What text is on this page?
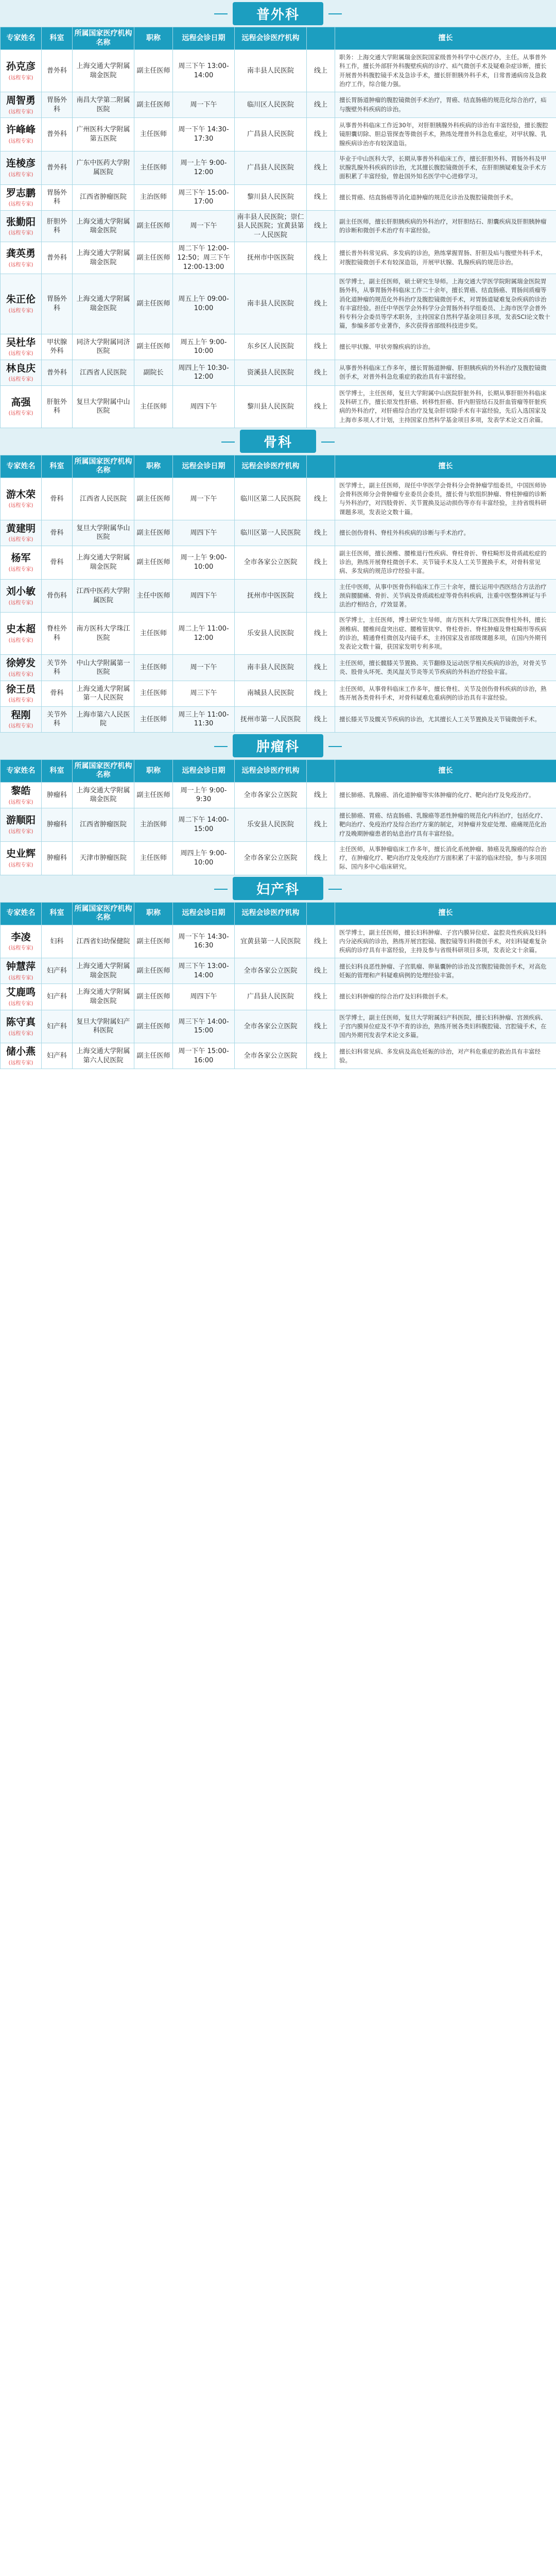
普外科
专家姓名	科室	所属国家医疗机构名称	职称	远程会诊日期	远程会诊医疗机构		擅长
孙克彦
(远程专家)	普外科	上海交通大学附属瑞金医院	副主任医师	周三下午 13:00-14:00	南丰县人民医院	线上	职务：上海交通大学附属瑞金医院国家级普外科学中心医疗办，主任。从事普外科工作，擅长外部肝外科腹壁疾病的诊疗、疝气微创手术及疑难杂症诊断，擅长开展普外科腹腔镜手术及急诊手术，擅长肝胆胰外科手术，日常普通病房及急救治疗工作，综合能力强。
周智勇
(远程专家)	胃肠外科	南昌大学第二附属医院	副主任医师	周一下午	临川区人民医院	线上	擅长胃肠道肿瘤的腹腔镜微创手术治疗，胃癌、结直肠癌的规范化综合治疗，疝与腹壁外科疾病的诊治。
许峰峰
(远程专家)	普外科	广州医科大学附属第五医院	主任医师	周一下午 14:30-17:30	广昌县人民医院	线上	从事普外科临床工作近30年，对肝胆胰腺外科疾病的诊治有丰富经验，擅长腹腔镜胆囊切除、胆总管探查等微创手术，熟练处理普外科急危重症，对甲状腺、乳腺疾病诊治亦有较深造诣。
连棱彦
(远程专家)	普外科	广东中医药大学附属医院	主任医师	周一上午 9:00-12:00	广昌县人民医院	线上	毕业于中山医科大学，长期从事普外科临床工作，擅长肝胆外科、胃肠外科及甲状腺乳腺外科疾病的诊治，尤其擅长腹腔镜微创手术，在肝胆胰疑难复杂手术方面积累了丰富经验，曾赴国外知名医学中心进修学习。
罗志鹏
(远程专家)	胃肠外科	江西省肿瘤医院	主治医师	周三下午 15:00-17:00	黎川县人民医院	线上	擅长胃癌、结直肠癌等消化道肿瘤的规范化诊治及腹腔镜微创手术。
张勤阳
(远程专家)	肝胆外科	上海交通大学附属瑞金医院	副主任医师	周一下午	南丰县人民医院；崇仁县人民医院；宜黄县第一人民医院	线上	副主任医师，擅长肝胆胰疾病的外科治疗，对肝胆结石、胆囊疾病及肝胆胰肿瘤的诊断和微创手术治疗有丰富经验。
龚英勇
(远程专家)	普外科	上海交通大学附属瑞金医院	副主任医师	周二下午 12:00-12:50；周三下午 12:00-13:00	抚州市中医医院	线上	擅长普外科常见病、多发病的诊治，熟练掌握胃肠、肝胆及疝与腹壁外科手术，对腹腔镜微创手术有较深造诣，开展甲状腺、乳腺疾病的规范诊治。
朱正伦
(远程专家)	胃肠外科	上海交通大学附属瑞金医院	副主任医师	周五上午 09:00-10:00	南丰县人民医院	线上	医学博士，副主任医师，硕士研究生导师。上海交通大学医学院附属瑞金医院胃肠外科，从事胃肠外科临床工作二十余年，擅长胃癌、结直肠癌、胃肠间质瘤等消化道肿瘤的规范化外科治疗及腹腔镜微创手术，对胃肠道疑难复杂疾病的诊治有丰富经验。担任中华医学会外科学分会胃肠外科学组委员、上海市医学会普外科专科分会委员等学术职务，主持国家自然科学基金项目多项，发表SCI论文数十篇，参编多部专业著作，多次获得省部级科技进步奖。
吴杜华
(远程专家)	甲状腺外科	同济大学附属同济医院	副主任医师	周五上午 9:00-10:00	东乡区人民医院	线上	擅长甲状腺、甲状旁腺疾病的诊治。
林良庆
(远程专家)	普外科	江西省人民医院	副院长	周四上午 10:30-12:00	资溪县人民医院	线上	从事普外科临床工作多年，擅长胃肠道肿瘤、肝胆胰疾病的外科治疗及腹腔镜微创手术，对普外科急危重症的救治具有丰富经验。
高强
(远程专家)	肝脏外科	复旦大学附属中山医院	主任医师	周四下午	黎川县人民医院	线上	医学博士，主任医师，复旦大学附属中山医院肝脏外科，长期从事肝胆外科临床及科研工作，擅长原发性肝癌、转移性肝癌、肝内胆管结石及肝血管瘤等肝脏疾病的外科治疗，对肝癌综合治疗及复杂肝切除手术有丰富经验，先后入选国家及上海市多项人才计划，主持国家自然科学基金项目多项，发表学术论文百余篇。
骨科
专家姓名	科室	所属国家医疗机构名称	职称	远程会诊日期	远程会诊医疗机构		擅长
游木荣
(远程专家)	骨科	江西省人民医院	副主任医师	周一下午	临川区第二人民医院	线上	医学博士，副主任医师，现任中华医学会骨科分会骨肿瘤学组委员，中国医师协会骨科医师分会骨肿瘤专业委员会委员，擅长骨与软组织肿瘤、脊柱肿瘤的诊断与外科治疗，对四肢骨折、关节置换及运动损伤等亦有丰富经验，主持省级科研课题多项，发表论文数十篇。
黄建明
(远程专家)	骨科	复旦大学附属华山医院	副主任医师	周四下午	临川区第一人民医院	线上	擅长创伤骨科、脊柱外科疾病的诊断与手术治疗。
杨军
(远程专家)	骨科	上海交通大学附属瑞金医院	副主任医师	周一上午 9:00-10:00	全市各家公立医院	线上	副主任医师，擅长颈椎、腰椎退行性疾病、脊柱骨折、脊柱畸形及骨质疏松症的诊治，熟练开展脊柱微创手术、关节镜手术及人工关节置换手术，对骨科常见病、多发病的规范诊疗经验丰富。
刘小敏
(远程专家)	骨伤科	江西中医药大学附属医院	主任中医师	周四下午	抚州市中医医院	线上	主任中医师，从事中医骨伤科临床工作三十余年，擅长运用中西医结合方法治疗颈肩腰腿痛、骨折、关节病及骨质疏松症等骨伤科疾病，注重中医整体辨证与手法治疗相结合，疗效显著。
史本超
(远程专家)	脊柱外科	南方医科大学珠江医院	主任医师	周二上午 11:00-12:00	乐安县人民医院	线上	医学博士，主任医师，博士研究生导师，南方医科大学珠江医院脊柱外科，擅长颈椎病、腰椎间盘突出症、腰椎管狭窄、脊柱骨折、脊柱肿瘤及脊柱畸形等疾病的诊治，精通脊柱微创及内镜手术，主持国家及省部级课题多项，在国内外期刊发表论文数十篇，获国家发明专利多项。
徐婷发
(远程专家)	关节外科	中山大学附属第一医院	主任医师	周一下午	南丰县人民医院	线上	主任医师，擅长髋膝关节置换、关节翻修及运动医学相关疾病的诊治，对骨关节炎、股骨头坏死、类风湿关节炎等关节疾病的外科治疗经验丰富。
徐王员
(远程专家)	骨科	上海交通大学附属第一人民医院	主任医师	周三下午	南城县人民医院	线上	主任医师，从事骨科临床工作多年，擅长脊柱、关节及创伤骨科疾病的诊治，熟练开展各类骨科手术，对骨科疑难危重病例的诊治具有丰富经验。
程刚
(远程专家)	关节外科	上海市第六人民医院	主任医师	周三上午 11:00-11:30	抚州市第一人民医院	线上	擅长膝关节及髋关节疾病的诊治，尤其擅长人工关节置换及关节镜微创手术。
肿瘤科
专家姓名	科室	所属国家医疗机构名称	职称	远程会诊日期	远程会诊医疗机构		擅长
黎皓
(远程专家)	肿瘤科	上海交通大学附属瑞金医院	副主任医师	周一上午 9:00-9:30	全市各家公立医院	线上	擅长肺癌、乳腺癌、消化道肿瘤等实体肿瘤的化疗、靶向治疗及免疫治疗。
游顺阳
(远程专家)	肿瘤科	江西省肿瘤医院	主治医师	周二下午 14:00-15:00	乐安县人民医院	线上	擅长肺癌、胃癌、结直肠癌、乳腺癌等恶性肿瘤的规范化内科治疗，包括化疗、靶向治疗、免疫治疗及综合治疗方案的制定，对肿瘤并发症处理、癌痛规范化治疗及晚期肿瘤患者的姑息治疗具有丰富经验。
史业辉
(远程专家)	肿瘤科	天津市肿瘤医院	主任医师	周四上午 9:00-10:00	全市各家公立医院	线上	主任医师，从事肿瘤临床工作多年，擅长消化系统肿瘤、肺癌及乳腺癌的综合治疗，在肿瘤化疗、靶向治疗及免疫治疗方面积累了丰富的临床经验，参与多项国际、国内多中心临床研究。
妇产科
专家姓名	科室	所属国家医疗机构名称	职称	远程会诊日期	远程会诊医疗机构		擅长
李凌
(远程专家)	妇科	江西省妇幼保健院	副主任医师	周一下午 14:30-16:30	宜黄县第一人民医院	线上	医学博士，副主任医师，擅长妇科肿瘤、子宫内膜异位症、盆腔炎性疾病及妇科内分泌疾病的诊治，熟练开展宫腔镜、腹腔镜等妇科微创手术，对妇科疑难复杂疾病的诊疗具有丰富经验，主持及参与省级科研项目多项，发表论文十余篇。
钟慧萍
(远程专家)	妇产科	上海交通大学附属瑞金医院	副主任医师	周三下午 13:00-14:00	全市各家公立医院	线上	擅长妇科良恶性肿瘤、子宫肌瘤、卵巢囊肿的诊治及宫腹腔镜微创手术，对高危妊娠的管理和产科疑难病例的处理经验丰富。
艾鹿鸣
(远程专家)	妇产科	上海交通大学附属瑞金医院	副主任医师	周四下午	广昌县人民医院	线上	擅长妇科肿瘤的综合治疗及妇科微创手术。
陈守真
(远程专家)	妇产科	复旦大学附属妇产科医院	副主任医师	周三下午 14:00-15:00	全市各家公立医院	线上	医学博士，副主任医师，复旦大学附属妇产科医院，擅长妇科肿瘤、宫颈疾病、子宫内膜异位症及不孕不育的诊治，熟练开展各类妇科腹腔镜、宫腔镜手术，在国内外期刊发表学术论文多篇。
储小燕
(远程专家)	妇产科	上海交通大学附属第六人民医院	副主任医师	周一下午 15:00-16:00	全市各家公立医院	线上	擅长妇科常见病、多发病及高危妊娠的诊治，对产科危重症的救治具有丰富经验。
